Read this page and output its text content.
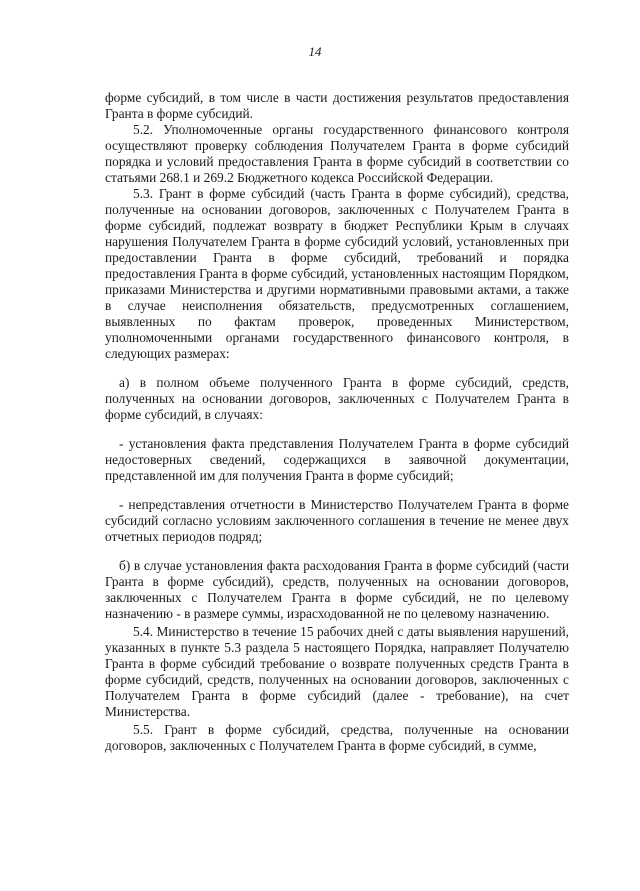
14

форме субсидий, в том числе в части достижения результатов предоставления Гранта в форме субсидий.

5.2. Уполномоченные органы государственного финансового контроля осуществляют проверку соблюдения Получателем Гранта в форме субсидий порядка и условий предоставления Гранта в форме субсидий в соответствии со статьями 268.1 и 269.2 Бюджетного кодекса Российской Федерации.

5.3. Грант в форме субсидий (часть Гранта в форме субсидий), средства, полученные на основании договоров, заключенных с Получателем Гранта в форме субсидий, подлежат возврату в бюджет Республики Крым в случаях нарушения Получателем Гранта в форме субсидий условий, установленных при предоставлении Гранта в форме субсидий, требований и порядка предоставления Гранта в форме субсидий, установленных настоящим Порядком, приказами Министерства и другими нормативными правовыми актами, а также в случае неисполнения обязательств, предусмотренных соглашением, выявленных по фактам проверок, проведенных Министерством, уполномоченными органами государственного финансового контроля, в следующих размерах:

а) в полном объеме полученного Гранта в форме субсидий, средств, полученных на основании договоров, заключенных с Получателем Гранта в форме субсидий, в случаях:

- установления факта представления Получателем Гранта в форме субсидий недостоверных сведений, содержащихся в заявочной документации, представленной им для получения Гранта в форме субсидий;

- непредставления отчетности в Министерство Получателем Гранта в форме субсидий согласно условиям заключенного соглашения в течение не менее двух отчетных периодов подряд;

б) в случае установления факта расходования Гранта в форме субсидий (части Гранта в форме субсидий), средств, полученных на основании договоров, заключенных с Получателем Гранта в форме субсидий, не по целевому назначению - в размере суммы, израсходованной не по целевому назначению.

5.4. Министерство в течение 15 рабочих дней с даты выявления нарушений, указанных в пункте 5.3 раздела 5 настоящего Порядка, направляет Получателю Гранта в форме субсидий требование о возврате полученных средств Гранта в форме субсидий, средств, полученных на основании договоров, заключенных с Получателем Гранта в форме субсидий (далее - требование), на счет Министерства.

5.5. Грант в форме субсидий, средства, полученные на основании договоров, заключенных с Получателем Гранта в форме субсидий, в сумме,
